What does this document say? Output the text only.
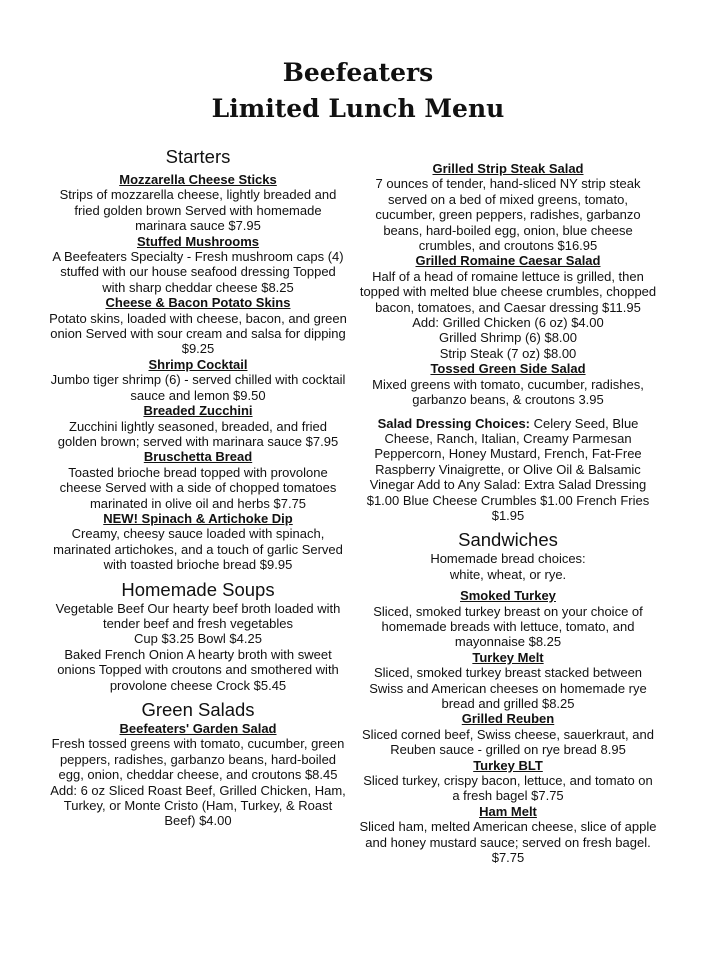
Beefeaters
Limited Lunch Menu
Starters
Mozzarella Cheese Sticks
Strips of mozzarella cheese, lightly breaded and fried golden brown Served with homemade marinara sauce $7.95
Stuffed Mushrooms
A Beefeaters Specialty - Fresh mushroom caps (4) stuffed with our house seafood dressing Topped with sharp cheddar cheese $8.25
Cheese & Bacon Potato Skins
Potato skins, loaded with cheese, bacon, and green onion Served with sour cream and salsa for dipping $9.25
Shrimp Cocktail
Jumbo tiger shrimp (6) - served chilled with cocktail sauce and lemon $9.50
Breaded Zucchini
Zucchini lightly seasoned, breaded, and fried golden brown; served with marinara sauce $7.95
Bruschetta Bread
Toasted brioche bread topped with provolone cheese Served with a side of chopped tomatoes marinated in olive oil and herbs $7.75
NEW! Spinach & Artichoke Dip
Creamy, cheesy sauce loaded with spinach, marinated artichokes, and a touch of garlic Served with toasted brioche bread $9.95
Homemade Soups
Vegetable Beef Our hearty beef broth loaded with tender beef and fresh vegetables
Cup $3.25 Bowl $4.25
Baked French Onion A hearty broth with sweet onions Topped with croutons and smothered with provolone cheese Crock $5.45
Green Salads
Beefeaters' Garden Salad
Fresh tossed greens with tomato, cucumber, green peppers, radishes, garbanzo beans, hard-boiled egg, onion, cheddar cheese, and croutons $8.45
Add: 6 oz Sliced Roast Beef, Grilled Chicken, Ham, Turkey, or Monte Cristo (Ham, Turkey, & Roast Beef) $4.00
Grilled Strip Steak Salad
7 ounces of tender, hand-sliced NY strip steak served on a bed of mixed greens, tomato, cucumber, green peppers, radishes, garbanzo beans, hard-boiled egg, onion, blue cheese crumbles, and croutons $16.95
Grilled Romaine Caesar Salad
Half of a head of romaine lettuce is grilled, then topped with melted blue cheese crumbles, chopped bacon, tomatoes, and Caesar dressing $11.95
Add: Grilled Chicken (6 oz) $4.00
Grilled Shrimp (6) $8.00
Strip Steak (7 oz) $8.00
Tossed Green Side Salad
Mixed greens with tomato, cucumber, radishes, garbanzo beans, & croutons 3.95
Salad Dressing Choices: Celery Seed, Blue Cheese, Ranch, Italian, Creamy Parmesan Peppercorn, Honey Mustard, French, Fat-Free Raspberry Vinaigrette, or Olive Oil & Balsamic Vinegar Add to Any Salad: Extra Salad Dressing $1.00 Blue Cheese Crumbles $1.00 French Fries $1.95
Sandwiches
Homemade bread choices:
white, wheat, or rye.
Smoked Turkey
Sliced, smoked turkey breast on your choice of homemade breads with lettuce, tomato, and mayonnaise $8.25
Turkey Melt
Sliced, smoked turkey breast stacked between Swiss and American cheeses on homemade rye bread and grilled $8.25
Grilled Reuben
Sliced corned beef, Swiss cheese, sauerkraut, and Reuben sauce - grilled on rye bread 8.95
Turkey BLT
Sliced turkey, crispy bacon, lettuce, and tomato on a fresh bagel $7.75
Ham Melt
Sliced ham, melted American cheese, slice of apple and honey mustard sauce; served on fresh bagel. $7.75
